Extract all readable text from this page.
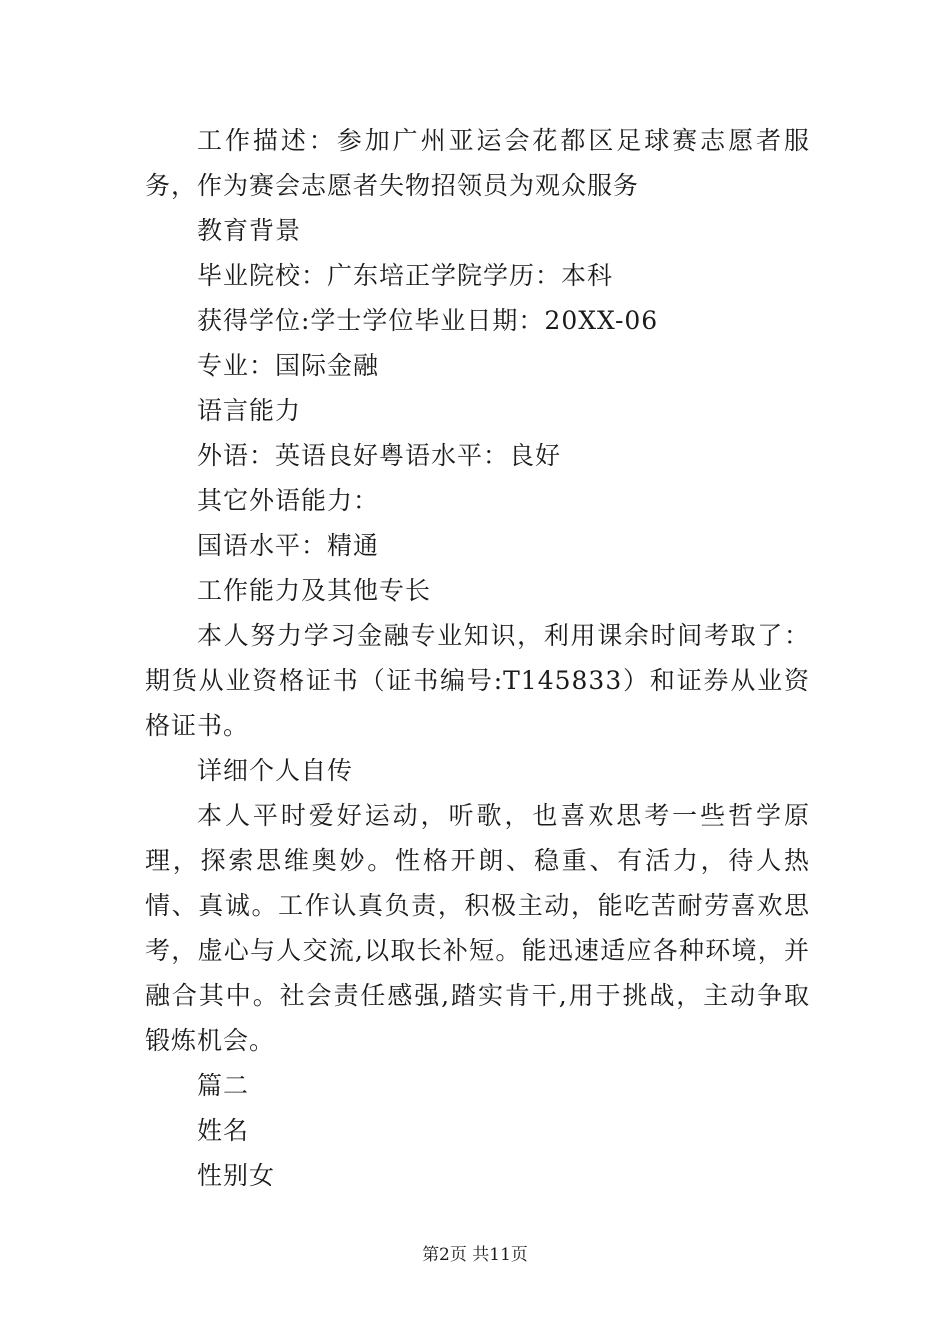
工作描述：参加广州亚运会花都区足球赛志愿者服务，作为赛会志愿者失物招领员为观众服务

教育背景

毕业院校：广东培正学院学历：本科

获得学位:学士学位毕业日期：20XX-06

专业：国际金融

语言能力

外语：英语良好粤语水平：良好

其它外语能力：

国语水平：精通

工作能力及其他专长

本人努力学习金融专业知识，利用课余时间考取了：期货从业资格证书（证书编号:T145833）和证券从业资格证书。

详细个人自传

本人平时爱好运动，听歌，也喜欢思考一些哲学原理，探索思维奥妙。性格开朗、稳重、有活力，待人热情、真诚。工作认真负责，积极主动，能吃苦耐劳喜欢思考，虚心与人交流,以取长补短。能迅速适应各种环境，并融合其中。社会责任感强,踏实肯干,用于挑战，主动争取锻炼机会。

篇二

姓名

性别女

第2页 共11页
